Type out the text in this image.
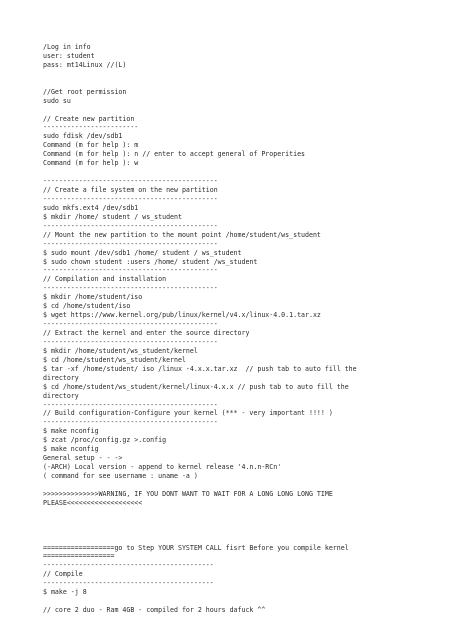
/Log in info
user: student
pass: mt14Linux //(L)
//Get root permission
sudo su
// Create new partition
------------------------
sudo fdisk /dev/sdb1
Command (m for help ): m
Command (m for help ): n // enter to accept general of Properities
Command (m for help ): w
--------------------------------------------
// Create a file system on the new partition
--------------------------------------------
sudo mkfs.ext4 /dev/sdb1
$ mkdir /home/ student / ws_student
--------------------------------------------
// Mount the new partition to the mount point /home/student/ws_student
--------------------------------------------
$ sudo mount /dev/sdb1 /home/ student / ws_student
$ sudo chown student :users /home/ student /ws_student
--------------------------------------------
// Compilation and installation
--------------------------------------------
$ mkdir /home/student/iso
$ cd /home/student/iso
$ wget https://www.kernel.org/pub/linux/kernel/v4.x/linux-4.0.1.tar.xz
--------------------------------------------
// Extract the kernel and enter the source directory
--------------------------------------------
$ mkdir /home/student/ws_student/kernel
$ cd /home/student/ws_student/kernel
$ tar -xf /home/student/ iso /linux -4.x.x.tar.xz  // push tab to auto fill the
directory
$ cd /home/student/ws_student/kernel/linux-4.x.x // push tab to auto fill the
directory
--------------------------------------------
// Build configuration-Configure your kernel (*** - very important !!!! )
--------------------------------------------
$ make nconfig
$ zcat /proc/config.gz >.config
$ make nconfig
General setup - - ->
(-ARCH) Local version - append to kernel release '4.n.n-RCn'
( command for see username : uname -a )
>>>>>>>>>>>>>>WARNING, IF YOU DONT WANT TO WAIT FOR A LONG LONG LONG TIME
PLEASE<<<<<<<<<<<<<<<<<<<
==================go to Step YOUR SYSTEM CALL fisrt Before you compile kernel
==================
-------------------------------------------
// Compile
-------------------------------------------
$ make -j 8
// core 2 duo - Ram 4GB - compiled for 2 hours dafuck ^^
